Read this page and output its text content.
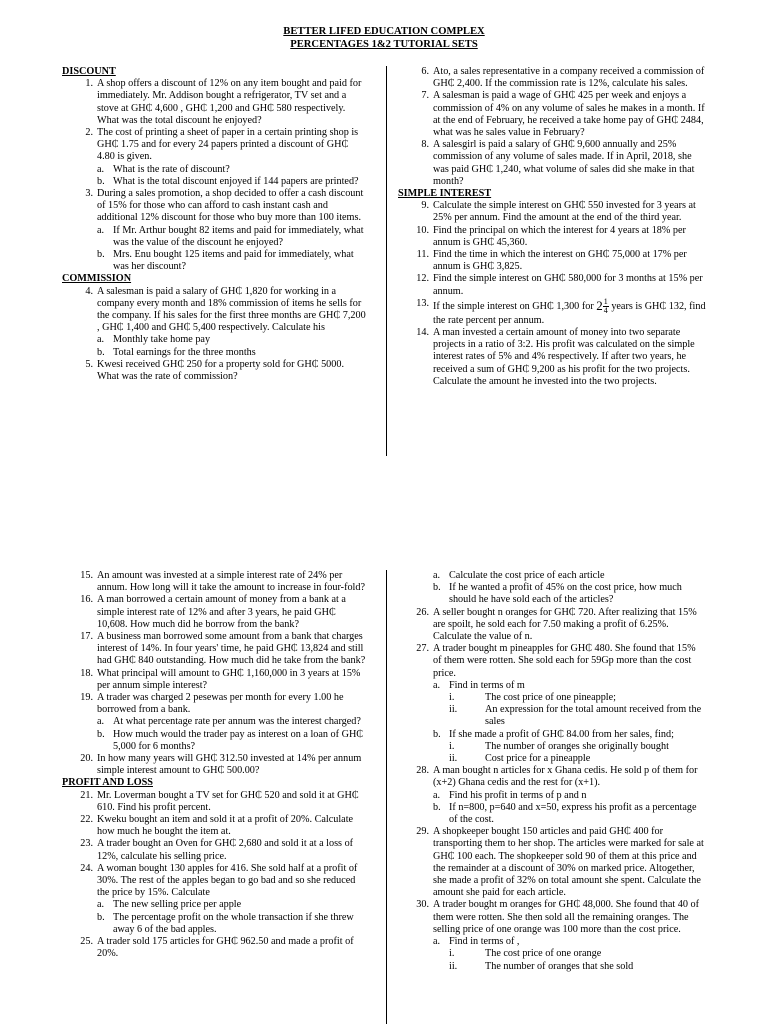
BETTER LIFED EDUCATION COMPLEX
PERCENTAGES 1&2 TUTORIAL SETS
DISCOUNT
1. A shop offers a discount of 12% on any item bought and paid for immediately. Mr. Addison bought a refrigerator, TV set and a stove at GH₵ 4,600 , GH₵ 1,200 and GH₵ 580 respectively. What was the total discount he enjoyed?
2. The cost of printing a sheet of paper in a certain printing shop is GH₵ 1.75 and for every 24 papers printed a discount of GH₵ 4.80 is given.
a. What is the rate of discount?
b. What is the total discount enjoyed if 144 papers are printed?
3. During a sales promotion, a shop decided to offer a cash discount of 15% for those who can afford to cash instant cash and additional 12% discount for those who buy more than 100 items.
a. If Mr. Arthur bought 82 items and paid for immediately, what was the value of the discount he enjoyed?
b. Mrs. Enu bought 125 items and paid for immediately, what was her discount?
COMMISSION
4. A salesman is paid a salary of GH₵ 1,820 for working in a company every month and 18% commission of items he sells for the company. If his sales for the first three months are GH₵ 7,200 , GH₵ 1,400 and GH₵ 5,400 respectively. Calculate his
a. Monthly take home pay
b. Total earnings for the three months
5. Kwesi received GH₵ 250 for a property sold for GH₵ 5000. What was the rate of commission?
6. Ato, a sales representative in a company received a commission of GH₵ 2,400. If the commission rate is 12%, calculate his sales.
7. A salesman is paid a wage of GH₵ 425 per week and enjoys a commission of 4% on any volume of sales he makes in a month. If at the end of February, he received a take home pay of GH₵ 2484, what was he sales value in February?
8. A salesgirl is paid a salary of GH₵ 9,600 annually and 25% commission of any volume of sales made. If in April, 2018, she was paid GH₵ 1,240, what volume of sales did she make in that month?
SIMPLE INTEREST
9. Calculate the simple interest on GH₵ 550 invested for 3 years at 25% per annum. Find the amount at the end of the third year.
10. Find the principal on which the interest for 4 years at 18% per annum is GH₵ 45,360.
11. Find the time in which the interest on GH₵ 75,000 at 17% per annum is GH₵ 3,825.
12. Find the simple interest on GH₵ 580,000 for 3 months at 15% per annum.
13. If the simple interest on GH₵ 1,300 for $2 \frac{1}{4}$ years is GH₵ 132, find the rate percent per annum.
14. A man invested a certain amount of money into two separate projects in a ratio of 3:2. His profit was calculated on the simple interest rates of 5% and 4% respectively. If after two years, he received a sum of GH₵ 9,200 as his profit for the two projects. Calculate the amount he invested into the two projects.
15. An amount was invested at a simple interest rate of 24% per annum. How long will it take the amount to increase in four-fold?
16. A man borrowed a certain amount of money from a bank at a simple interest rate of 12% and after 3 years, he paid GH₵ 10,608. How much did he borrow from the bank?
17. A business man borrowed some amount from a bank that charges interest of 14%. In four years' time, he paid GH₵ 13,824 and still had GH₵ 840 outstanding. How much did he take from the bank?
18. What principal will amount to GH₵ 1,160,000 in 3 years at 15% per annum simple interest?
19. A trader was charged 2 pesewas per month for every 1.00 he borrowed from a bank.
a. At what percentage rate per annum was the interest charged?
b. How much would the trader pay as interest on a loan of GH₵ 5,000 for 6 months?
20. In how many years will GH₵ 312.50 invested at 14% per annum simple interest amount to GH₵ 500.00?
PROFIT AND LOSS
21. Mr. Loverman bought a TV set for GH₵ 520 and sold it at GH₵ 610. Find his profit percent.
22. Kweku bought an item and sold it at a profit of 20%. Calculate how much he bought the item at.
23. A trader bought an Oven for GH₵ 2,680 and sold it at a loss of 12%, calculate his selling price.
24. A woman bought 130 apples for 416. She sold half at a profit of 30%. The rest of the apples began to go bad and so she reduced the price by 15%. Calculate
a. The new selling price per apple
b. The percentage profit on the whole transaction if she threw away 6 of the bad apples.
25. A trader sold 175 articles for GH₵ 962.50 and made a profit of 20%.
a. Calculate the cost price of each article
b. If he wanted a profit of 45% on the cost price, how much should he have sold each of the articles?
26. A seller bought n oranges for GH₵ 720. After realizing that 15% are spoilt, he sold each for 7.50 making a profit of 6.25%. Calculate the value of n.
27. A trader bought m pineapples for GH₵ 480. She found that 15% of them were rotten. She sold each for 59Gp more than the cost price.
a. Find in terms of m
i.	The cost price of one pineapple;
ii.	An expression for the total amount received from the sales
b. If she made a profit of GH₵ 84.00 from her sales, find;
i.	The number of oranges she originally bought
ii.	Cost price for a pineapple
28. A man bought n articles for x Ghana cedis. He sold p of them for (x+2) Ghana cedis and the rest for (x+1).
a. Find his profit in terms of p and n
b. If n=800, p=640 and x=50, express his profit as a percentage of the cost.
29. A shopkeeper bought 150 articles and paid GH₵ 400 for transporting them to her shop. The articles were marked for sale at GH₵ 100 each. The shopkeeper sold 90 of them at this price and the remainder at a discount of 30% on marked price. Altogether, she made a profit of 32% on total amount she spent. Calculate the amount she paid for each article.
30. A trader bought m oranges for GH₵ 48,000. She found that 40 of them were rotten. She then sold all the remaining oranges. The selling price of one orange was 100 more than the cost price.
a. Find in terms of ,
i.	The cost price of one orange
ii.	The number of oranges that she sold
